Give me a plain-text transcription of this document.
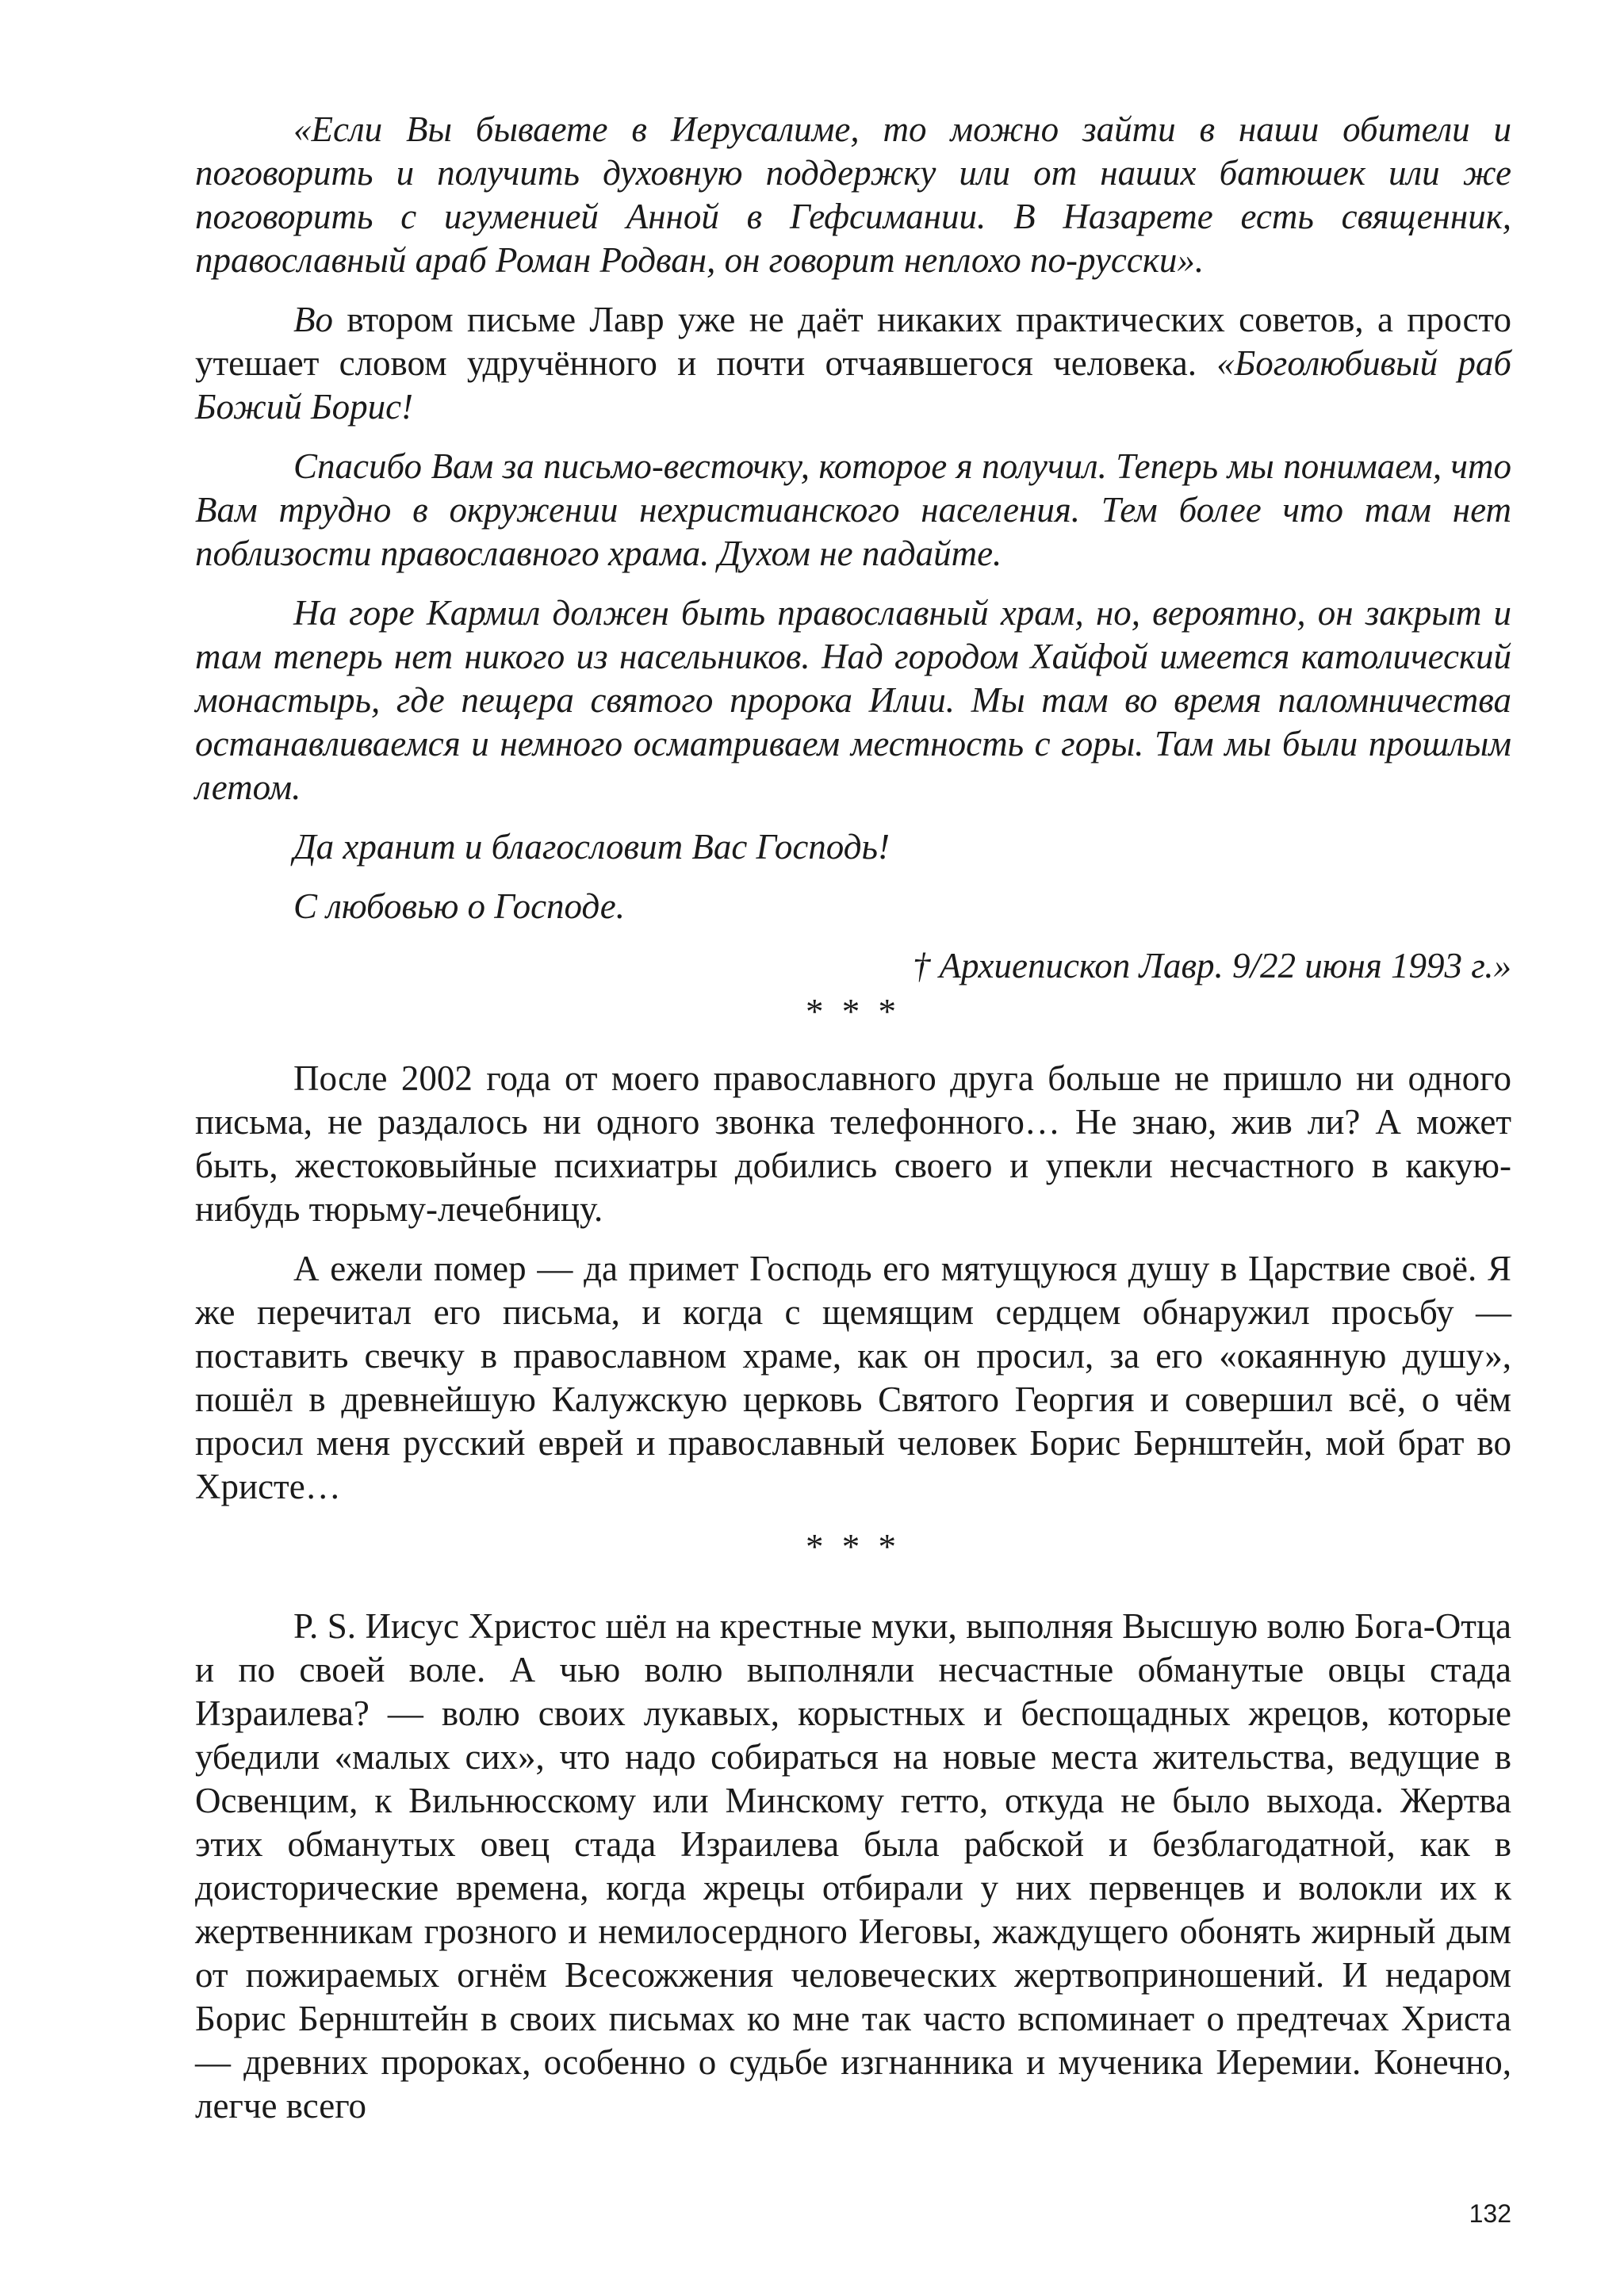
«Если Вы бываете в Иерусалиме, то можно зайти в наши обители и поговорить и получить духовную поддержку или от наших батюшек или же поговорить с игуменией Анной в Гефсимании. В Назарете есть священник, православный араб Роман Родван, он говорит неплохо по-русски».

Во втором письме Лавр уже не даёт никаких практических советов, а просто утешает словом удручённого и почти отчаявшегося человека. «Боголюбивый раб Божий Борис!

Спасибо Вам за письмо-весточку, которое я получил. Теперь мы понимаем, что Вам трудно в окружении нехристианского населения. Тем более что там нет поблизости православного храма. Духом не падайте.

На горе Кармил должен быть православный храм, но, вероятно, он закрыт и там теперь нет никого из насельников. Над городом Хайфой имеется католический монастырь, где пещера святого пророка Илии. Мы там во время паломничества останавливаемся и немного осматриваем местность с горы. Там мы были прошлым летом.

Да хранит и благословит Вас Господь!

С любовью о Господе.

† Архиепископ Лавр. 9/22 июня 1993 г.»

* * *

После 2002 года от моего православного друга больше не пришло ни одного письма, не раздалось ни одного звонка телефонного… Не знаю, жив ли? А может быть, жестоковыйные психиатры добились своего и упекли несчастного в какую-нибудь тюрьму-лечебницу.

А ежели помер — да примет Господь его мятущуюся душу в Царствие своё. Я же перечитал его письма, и когда с щемящим сердцем обнаружил просьбу — поставить свечку в православном храме, как он просил, за его «окаянную душу», пошёл в древнейшую Калужскую церковь Святого Георгия и совершил всё, о чём просил меня русский еврей и православный человек Борис Бернштейн, мой брат во Христе…

* * *

P. S. Иисус Христос шёл на крестные муки, выполняя Высшую волю Бога-Отца и по своей воле. А чью волю выполняли несчастные обманутые овцы стада Израилева? — волю своих лукавых, корыстных и беспощадных жрецов, которые убедили «малых сих», что надо собираться на новые места жительства, ведущие в Освенцим, к Вильнюсскому или Минскому гетто, откуда не было выхода. Жертва этих обманутых овец стада Израилева была рабской и безблагодатной, как в доисторические времена, когда жрецы отбирали у них первенцев и волокли их к жертвенникам грозного и немилосердного Иеговы, жаждущего обонять жирный дым от пожираемых огнём Всесожжения человеческих жертвоприношений. И недаром Борис Бернштейн в своих письмах ко мне так часто вспоминает о предтечах Христа — древних пророках, особенно о судьбе изгнанника и мученика Иеремии. Конечно, легче всего

132
